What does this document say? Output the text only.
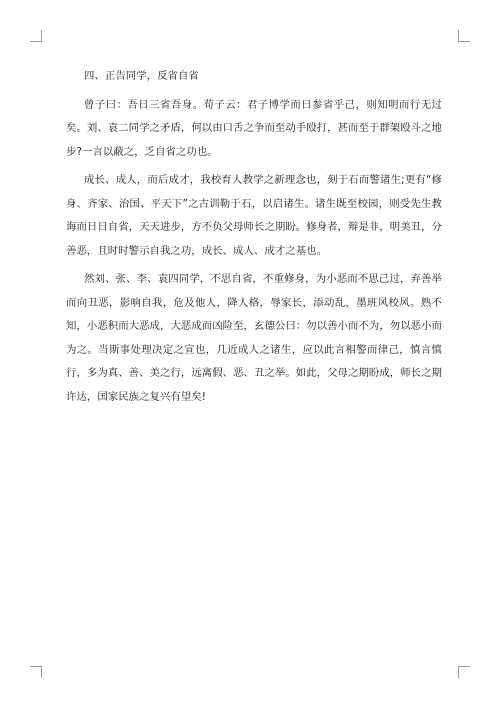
四、正告同学，反省自省

曾子曰：吾日三省吾身。荀子云：君子博学而日参省乎己，则知明而行无过矣。刘、袁二同学之矛盾，何以由口舌之争而至动手殴打，甚而至于群架殴斗之地步?一言以蔽之，乏自省之功也。

成长、成人，而后成才，我校育人教学之新理念也，刻于石而警诸生;更有“修身、齐家、治国、平天下”之古训勒于石，以启诸生。诸生既至校园，则受先生教诲而日日自省，天天进步，方不负父母师长之期盼。修身者，辩是非，明美丑，分善恶，且时时警示自我之功，成长、成人、成才之基也。

然刘、张、李、袁四同学，不思自省，不重修身，为小恶而不思己过，弃善举而向丑恶，影响自我，危及他人，降人格，辱家长，添动乱，墨班风校风。熟不知，小恶积而大恶成，大恶成而凶险至，玄德公曰：勿以善小而不为，勿以恶小而为之。当斯事处理决定之宣也，几近成人之诸生，应以此言相警而律己，慎言慎行，多为真、善、美之行，远离假、恶、丑之举。如此，父母之期盼成，师长之期许达，国家民族之复兴有望矣!
